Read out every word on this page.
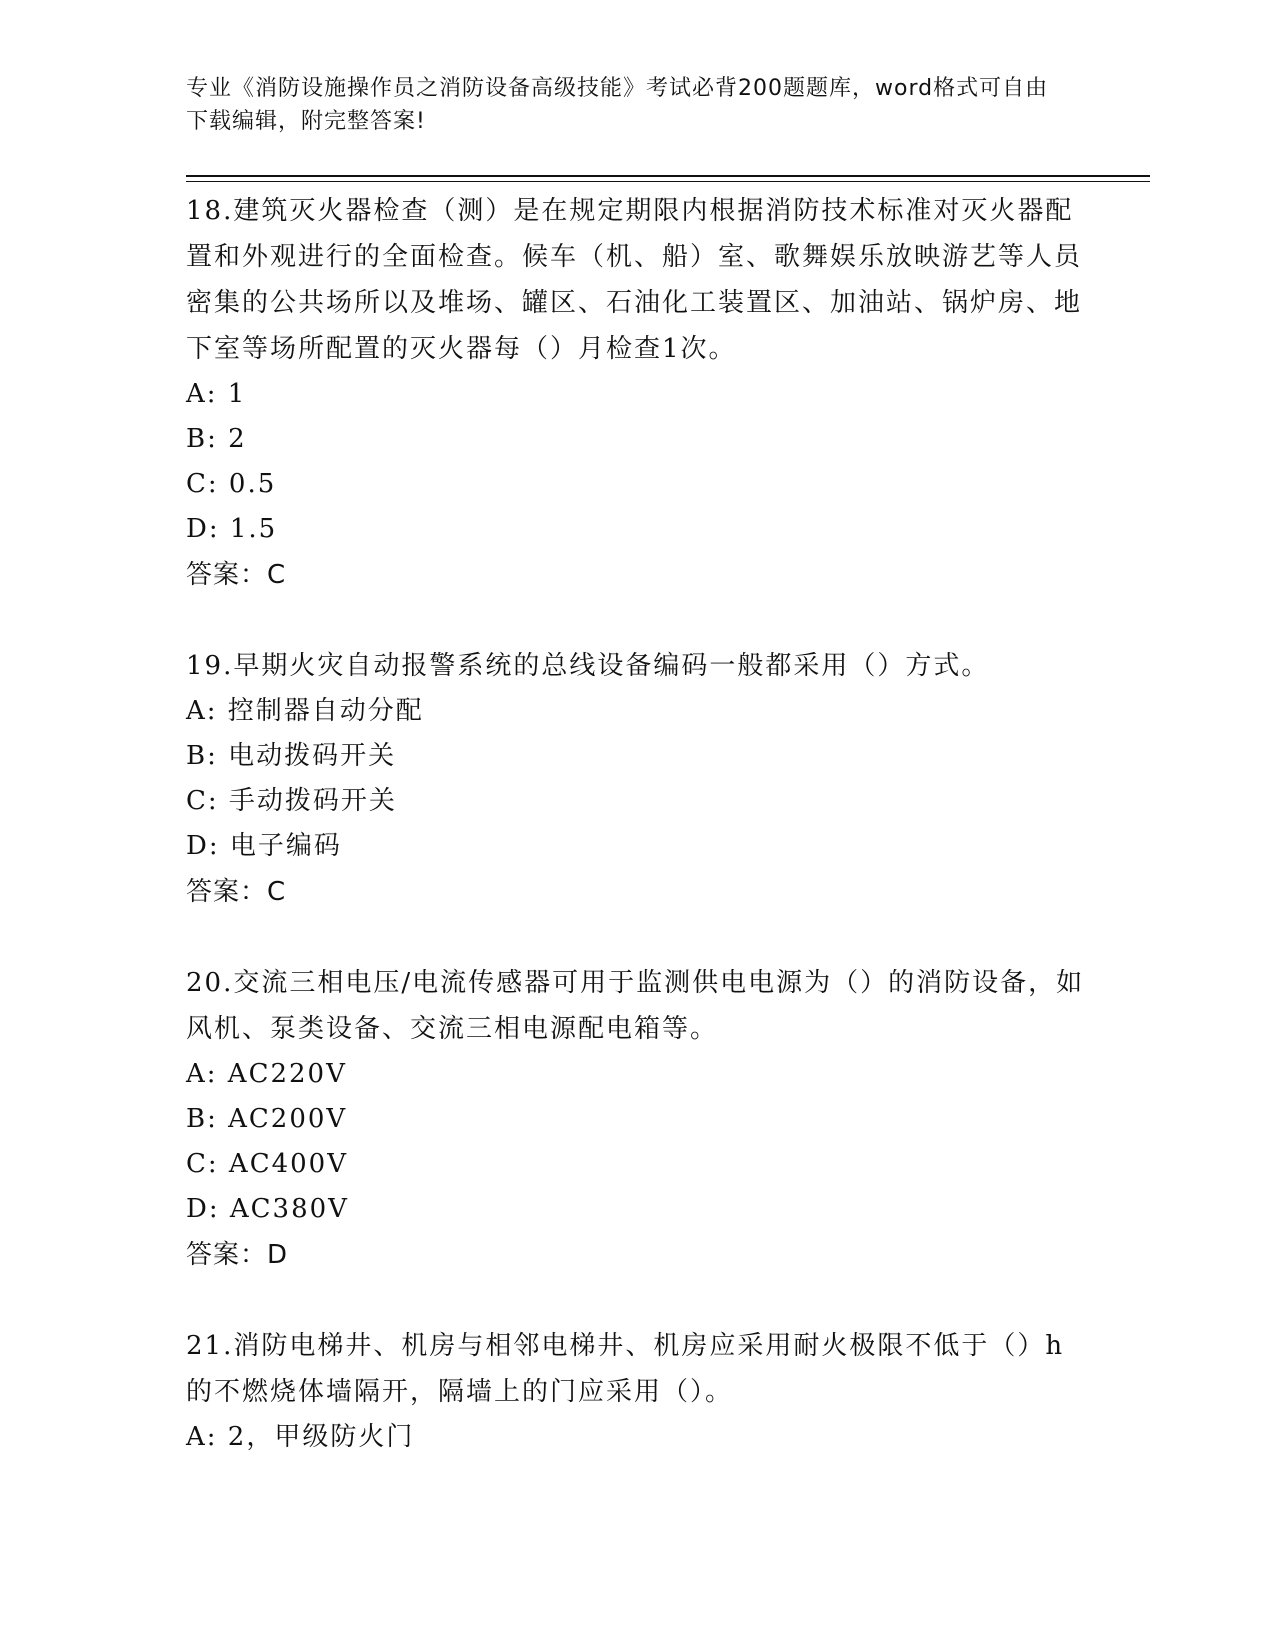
专业《消防设施操作员之消防设备高级技能》考试必背200题题库，word格式可自由下载编辑，附完整答案!
18.建筑灭火器检查（测）是在规定期限内根据消防技术标准对灭火器配置和外观进行的全面检查。候车（机、船）室、歌舞娱乐放映游艺等人员密集的公共场所以及堆场、罐区、石油化工装置区、加油站、锅炉房、地下室等场所配置的灭火器每（）月检查1次。
A: 1
B: 2
C: 0.5
D: 1.5
答案：C
19.早期火灾自动报警系统的总线设备编码一般都采用（）方式。
A: 控制器自动分配
B: 电动拨码开关
C: 手动拨码开关
D: 电子编码
答案：C
20.交流三相电压/电流传感器可用于监测供电电源为（）的消防设备，如风机、泵类设备、交流三相电源配电箱等。
A: AC220V
B: AC200V
C: AC400V
D: AC380V
答案：D
21.消防电梯井、机房与相邻电梯井、机房应采用耐火极限不低于（）h的不燃烧体墙隔开，隔墙上的门应采用（）。
A: 2，甲级防火门
